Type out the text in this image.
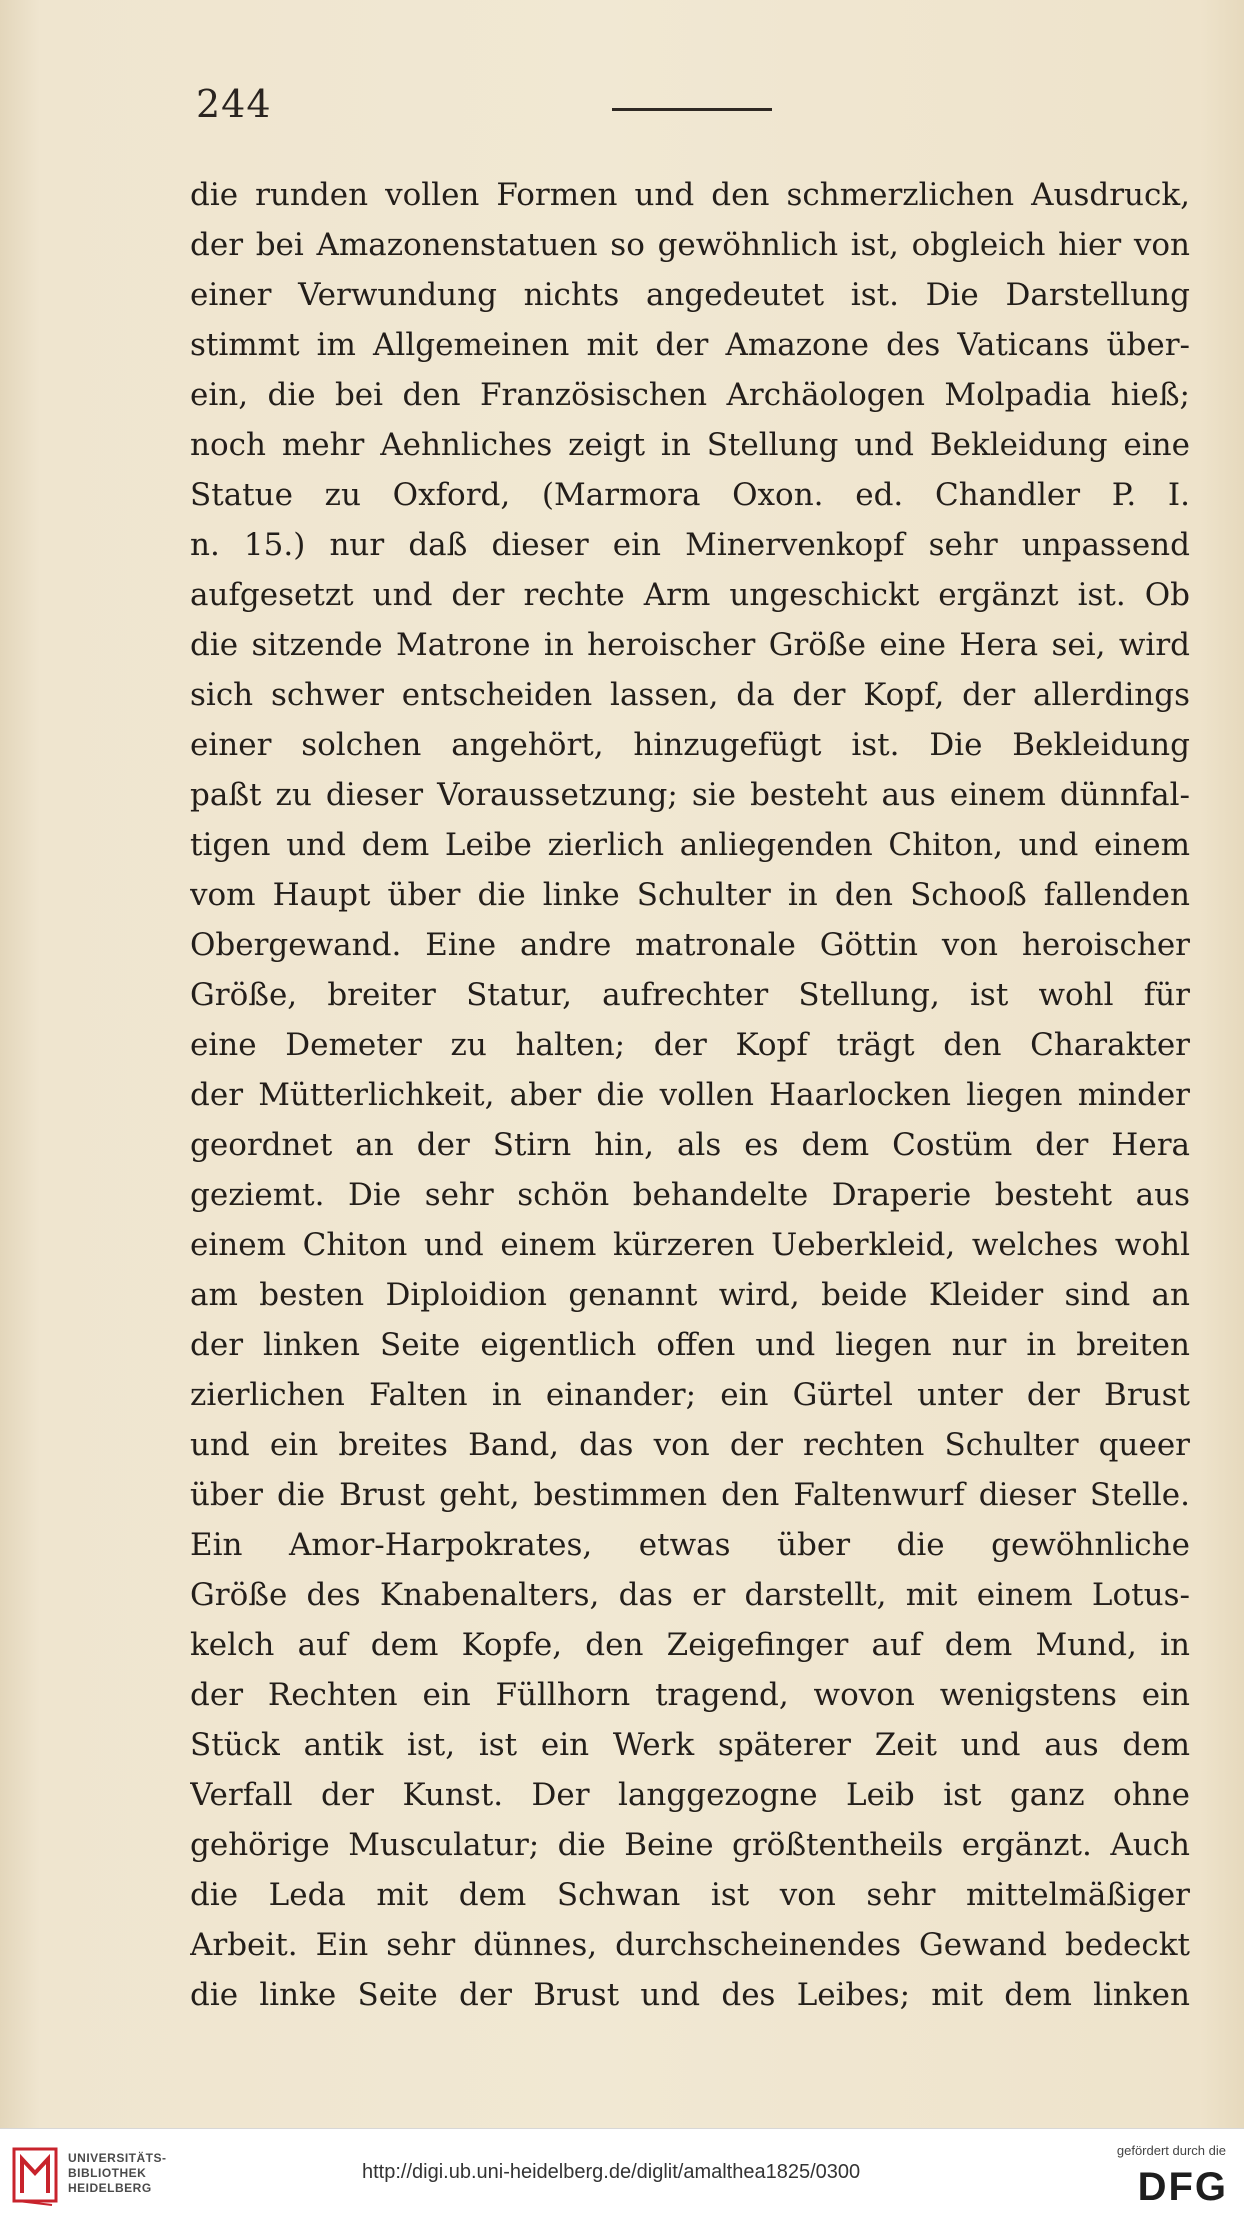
244
die runden vollen Formen und den schmerzlichen Ausdruck,
der bei Amazonenstatuen so gewöhnlich ist, obgleich hier von
einer Verwundung nichts angedeutet ist. Die Darstellung
stimmt im Allgemeinen mit der Amazone des Vaticans über-
ein, die bei den Französischen Archäologen Molpadia hieß;
noch mehr Aehnliches zeigt in Stellung und Bekleidung eine
Statue zu Oxford, (Marmora Oxon. ed. Chandler P. I.
n. 15.) nur daß dieser ein Minervenkopf sehr unpassend
aufgesetzt und der rechte Arm ungeschickt ergänzt ist. Ob
die sitzende Matrone in heroischer Größe eine Hera sei, wird
sich schwer entscheiden lassen, da der Kopf, der allerdings
einer solchen angehört, hinzugefügt ist. Die Bekleidung
paßt zu dieser Voraussetzung; sie besteht aus einem dünnfal-
tigen und dem Leibe zierlich anliegenden Chiton, und einem
vom Haupt über die linke Schulter in den Schooß fallenden
Obergewand. Eine andre matronale Göttin von heroischer
Größe, breiter Statur, aufrechter Stellung, ist wohl für
eine Demeter zu halten; der Kopf trägt den Charakter
der Mütterlichkeit, aber die vollen Haarlocken liegen minder
geordnet an der Stirn hin, als es dem Costüm der Hera
geziemt. Die sehr schön behandelte Draperie besteht aus
einem Chiton und einem kürzeren Ueberkleid, welches wohl
am besten Diploidion genannt wird, beide Kleider sind an
der linken Seite eigentlich offen und liegen nur in breiten
zierlichen Falten in einander; ein Gürtel unter der Brust
und ein breites Band, das von der rechten Schulter queer
über die Brust geht, bestimmen den Faltenwurf dieser Stelle.
Ein Amor-Harpokrates, etwas über die gewöhnliche
Größe des Knabenalters, das er darstellt, mit einem Lotus-
kelch auf dem Kopfe, den Zeigefinger auf dem Mund, in
der Rechten ein Füllhorn tragend, wovon wenigstens ein
Stück antik ist, ist ein Werk späterer Zeit und aus dem
Verfall der Kunst. Der langgezogne Leib ist ganz ohne
gehörige Musculatur; die Beine größtentheils ergänzt. Auch
die Leda mit dem Schwan ist von sehr mittelmäßiger
Arbeit. Ein sehr dünnes, durchscheinendes Gewand bedeckt
die linke Seite der Brust und des Leibes; mit dem linken
UNIVERSITÄTS-
BIBLIOTHEK
HEIDELBERG
http://digi.ub.uni-heidelberg.de/diglit/amalthea1825/0300
gefördert durch die
DFG
